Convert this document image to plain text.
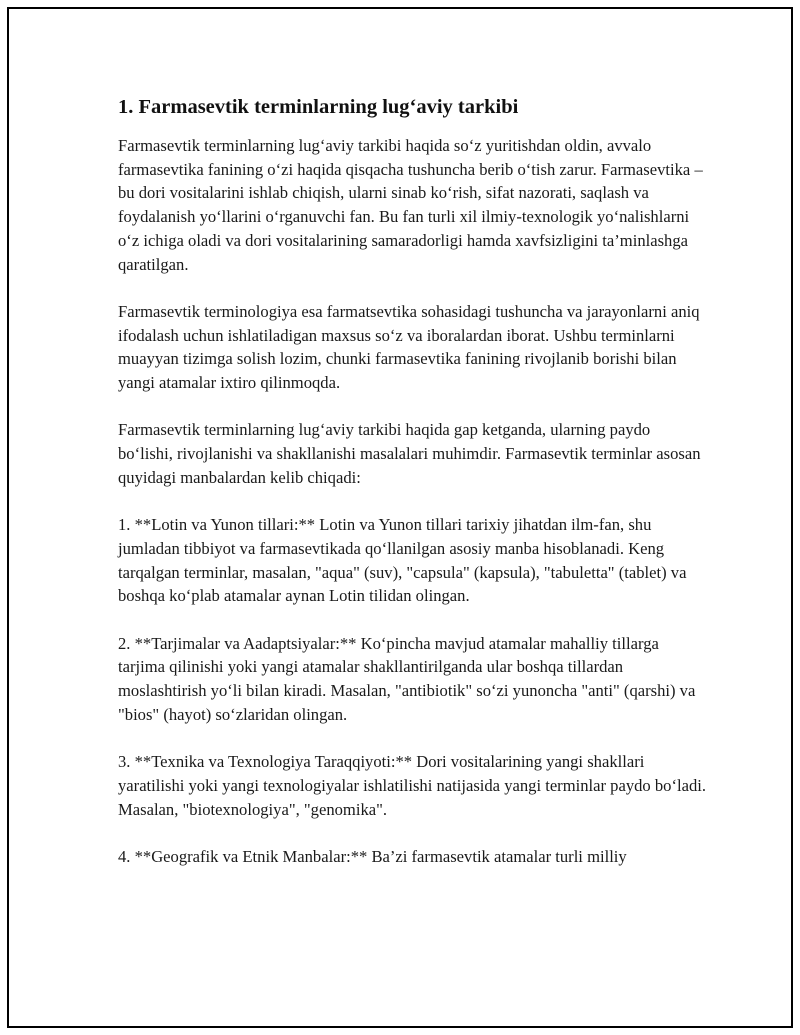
1. Farmasevtik terminlarning lug‘aviy tarkibi

Farmasevtik terminlarning lug‘aviy tarkibi haqida so‘z yuritishdan oldin, avvalo farmasevtika fanining o‘zi haqida qisqacha tushuncha berib o‘tish zarur. Farmasevtika – bu dori vositalarini ishlab chiqish, ularni sinab ko‘rish, sifat nazorati, saqlash va foydalanish yo‘llarini o‘rganuvchi fan. Bu fan turli xil ilmiy-texnologik yo‘nalishlarni o‘z ichiga oladi va dori vositalarining samaradorligi hamda xavfsizligini ta’minlashga qaratilgan.

Farmasevtik terminologiya esa farmatsevtika sohasidagi tushuncha va jarayonlarni aniq ifodalash uchun ishlatiladigan maxsus so‘z va iboralardan iborat. Ushbu terminlarni muayyan tizimga solish lozim, chunki farmasevtika fanining rivojlanib borishi bilan yangi atamalar ixtiro qilinmoqda.

Farmasevtik terminlarning lug‘aviy tarkibi haqida gap ketganda, ularning paydo bo‘lishi, rivojlanishi va shakllanishi masalalari muhimdir. Farmasevtik terminlar asosan quyidagi manbalardan kelib chiqadi:

1. **Lotin va Yunon tillari:** Lotin va Yunon tillari tarixiy jihatdan ilm-fan, shu jumladan tibbiyot va farmasevtikada qo‘llanilgan asosiy manba hisoblanadi. Keng tarqalgan terminlar, masalan, "aqua" (suv), "capsula" (kapsula), "tabuletta" (tablet) va boshqa ko‘plab atamalar aynan Lotin tilidan olingan.

2. **Tarjimalar va Aadaptsiyalar:** Ko‘pincha mavjud atamalar mahalliy tillarga tarjima qilinishi yoki yangi atamalar shakllantirilganda ular boshqa tillardan moslashtirish yo‘li bilan kiradi. Masalan, "antibiotik" so‘zi yunoncha "anti" (qarshi) va "bios" (hayot) so‘zlaridan olingan.

3. **Texnika va Texnologiya Taraqqiyoti:** Dori vositalarining yangi shakllari yaratilishi yoki yangi texnologiyalar ishlatilishi natijasida yangi terminlar paydo bo‘ladi. Masalan, "biotexnologiya", "genomika".

4. **Geografik va Etnik Manbalar:** Ba’zi farmasevtik atamalar turli milliy
